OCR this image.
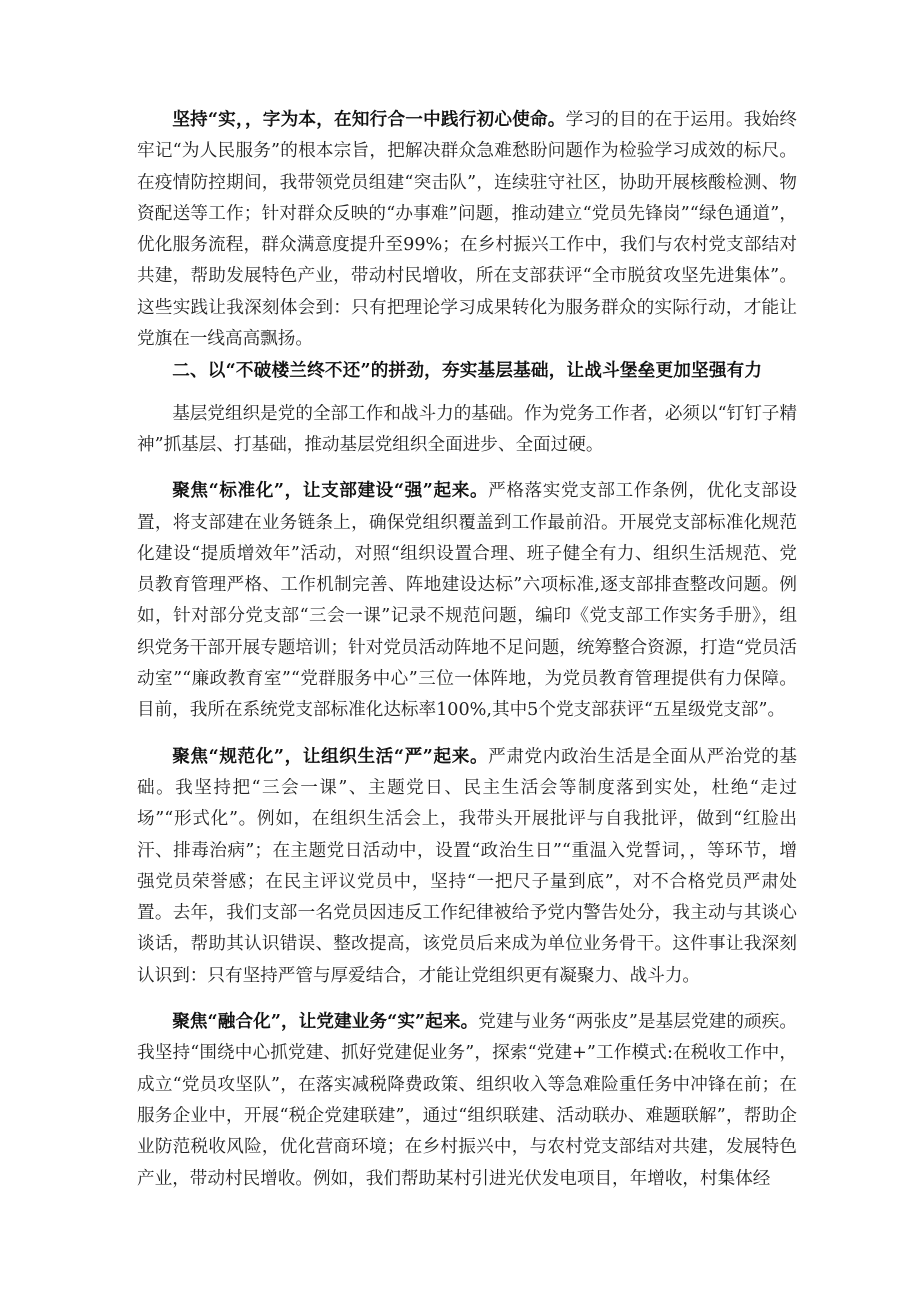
坚持“实，，字为本，在知行合一中践行初心使命。学习的目的在于运用。我始终牢记“为人民服务”的根本宗旨，把解决群众急难愁盼问题作为检验学习成效的标尺。在疫情防控期间，我带领党员组建“突击队”，连续驻守社区，协助开展核酸检测、物资配送等工作；针对群众反映的“办事难”问题，推动建立“党员先锋岗”“绿色通道”，优化服务流程，群众满意度提升至99%；在乡村振兴工作中，我们与农村党支部结对共建，帮助发展特色产业，带动村民增收，所在支部获评“全市脱贫攻坚先进集体”。这些实践让我深刻体会到：只有把理论学习成果转化为服务群众的实际行动，才能让党旗在一线高高飘扬。

二、以“不破楼兰终不还”的拼劲，夯实基层基础，让战斗堡垒更加坚强有力

基层党组织是党的全部工作和战斗力的基础。作为党务工作者，必须以“钉钉子精神”抓基层、打基础，推动基层党组织全面进步、全面过硬。

聚焦“标准化”，让支部建设“强”起来。严格落实党支部工作条例，优化支部设置，将支部建在业务链条上，确保党组织覆盖到工作最前沿。开展党支部标准化规范化建设“提质增效年”活动，对照“组织设置合理、班子健全有力、组织生活规范、党员教育管理严格、工作机制完善、阵地建设达标”六项标准,逐支部排查整改问题。例如，针对部分党支部“三会一课”记录不规范问题，编印《党支部工作实务手册》，组织党务干部开展专题培训；针对党员活动阵地不足问题，统筹整合资源，打造“党员活动室”“廉政教育室”“党群服务中心”三位一体阵地，为党员教育管理提供有力保障。目前，我所在系统党支部标准化达标率100%,其中5个党支部获评“五星级党支部”。

聚焦“规范化”，让组织生活“严”起来。严肃党内政治生活是全面从严治党的基础。我坚持把“三会一课”、主题党日、民主生活会等制度落到实处，杜绝“走过场”“形式化”。例如，在组织生活会上，我带头开展批评与自我批评，做到“红脸出汗、排毒治病”；在主题党日活动中，设置“政治生日”“重温入党誓词，，等环节，增强党员荣誉感；在民主评议党员中，坚持“一把尺子量到底”，对不合格党员严肃处置。去年，我们支部一名党员因违反工作纪律被给予党内警告处分，我主动与其谈心谈话，帮助其认识错误、整改提高，该党员后来成为单位业务骨干。这件事让我深刻认识到：只有坚持严管与厚爱结合，才能让党组织更有凝聚力、战斗力。

聚焦“融合化”，让党建业务“实”起来。党建与业务“两张皮”是基层党建的顽疾。我坚持“围绕中心抓党建、抓好党建促业务”，探索“党建+”工作模式:在税收工作中，成立“党员攻坚队”，在落实减税降费政策、组织收入等急难险重任务中冲锋在前；在服务企业中，开展“税企党建联建”，通过“组织联建、活动联办、难题联解”，帮助企业防范税收风险，优化营商环境；在乡村振兴中，与农村党支部结对共建，发展特色产业，带动村民增收。例如，我们帮助某村引进光伏发电项目，年增收，村集体经
